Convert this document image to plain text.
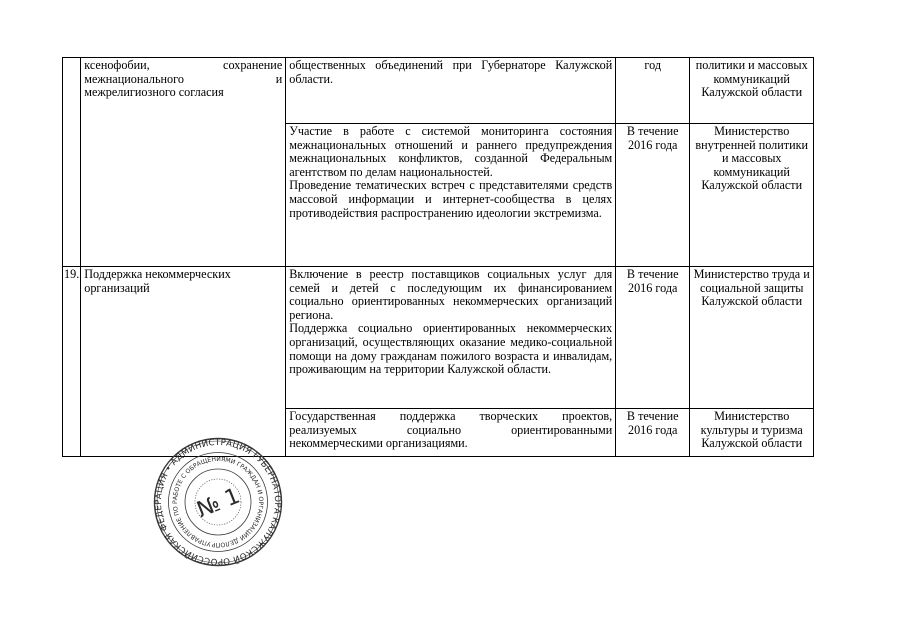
	ксенофобии, сохранение межнационального и
межрелигиозного согласия	общественных объединений при Губернаторе Калужской области.	год	политики и массовых коммуникаций Калужской области

		Участие в работе с системой мониторинга состояния межнациональных отношений и раннего предупреждения межнациональных конфликтов, созданной Федеральным агентством по делам национальностей.
Проведение тематических встреч с представителями средств массовой информации и интернет-сообщества в целях противодействия распространению идеологии экстремизма.	В течение 2016 года	Министерство внутренней политики и массовых коммуникаций Калужской области
19.	Поддержка некоммерческих организаций	Включение в реестр поставщиков социальных услуг для семей и детей с последующим их финансированием социально ориентированных некоммерческих организаций региона.
Поддержка социально ориентированных некоммерческих организаций, осуществляющих оказание медико-социальной помощи на дому гражданам пожилого возраста и инвалидам, проживающим на территории Калужской области.	В течение 2016 года	Министерство труда и социальной защиты Калужской области

		Государственная поддержка творческих проектов, реализуемых социально ориентированными некоммерческими организациями.	В течение 2016 года	Министерство культуры и туризма Калужской области
РОССИЙСКАЯ ФЕДЕРАЦИЯ • АДМИНИСТРАЦИЯ ГУБЕРНАТОРА КАЛУЖСКОЙ ОБЛАСТИ
УПРАВЛЕНИЕ ПО РАБОТЕ С ОБРАЩЕНИЯМИ ГРАЖДАН И ОРГАНИЗАЦИИ ДЕЛОПРОИЗВОДСТВА
№ 1
